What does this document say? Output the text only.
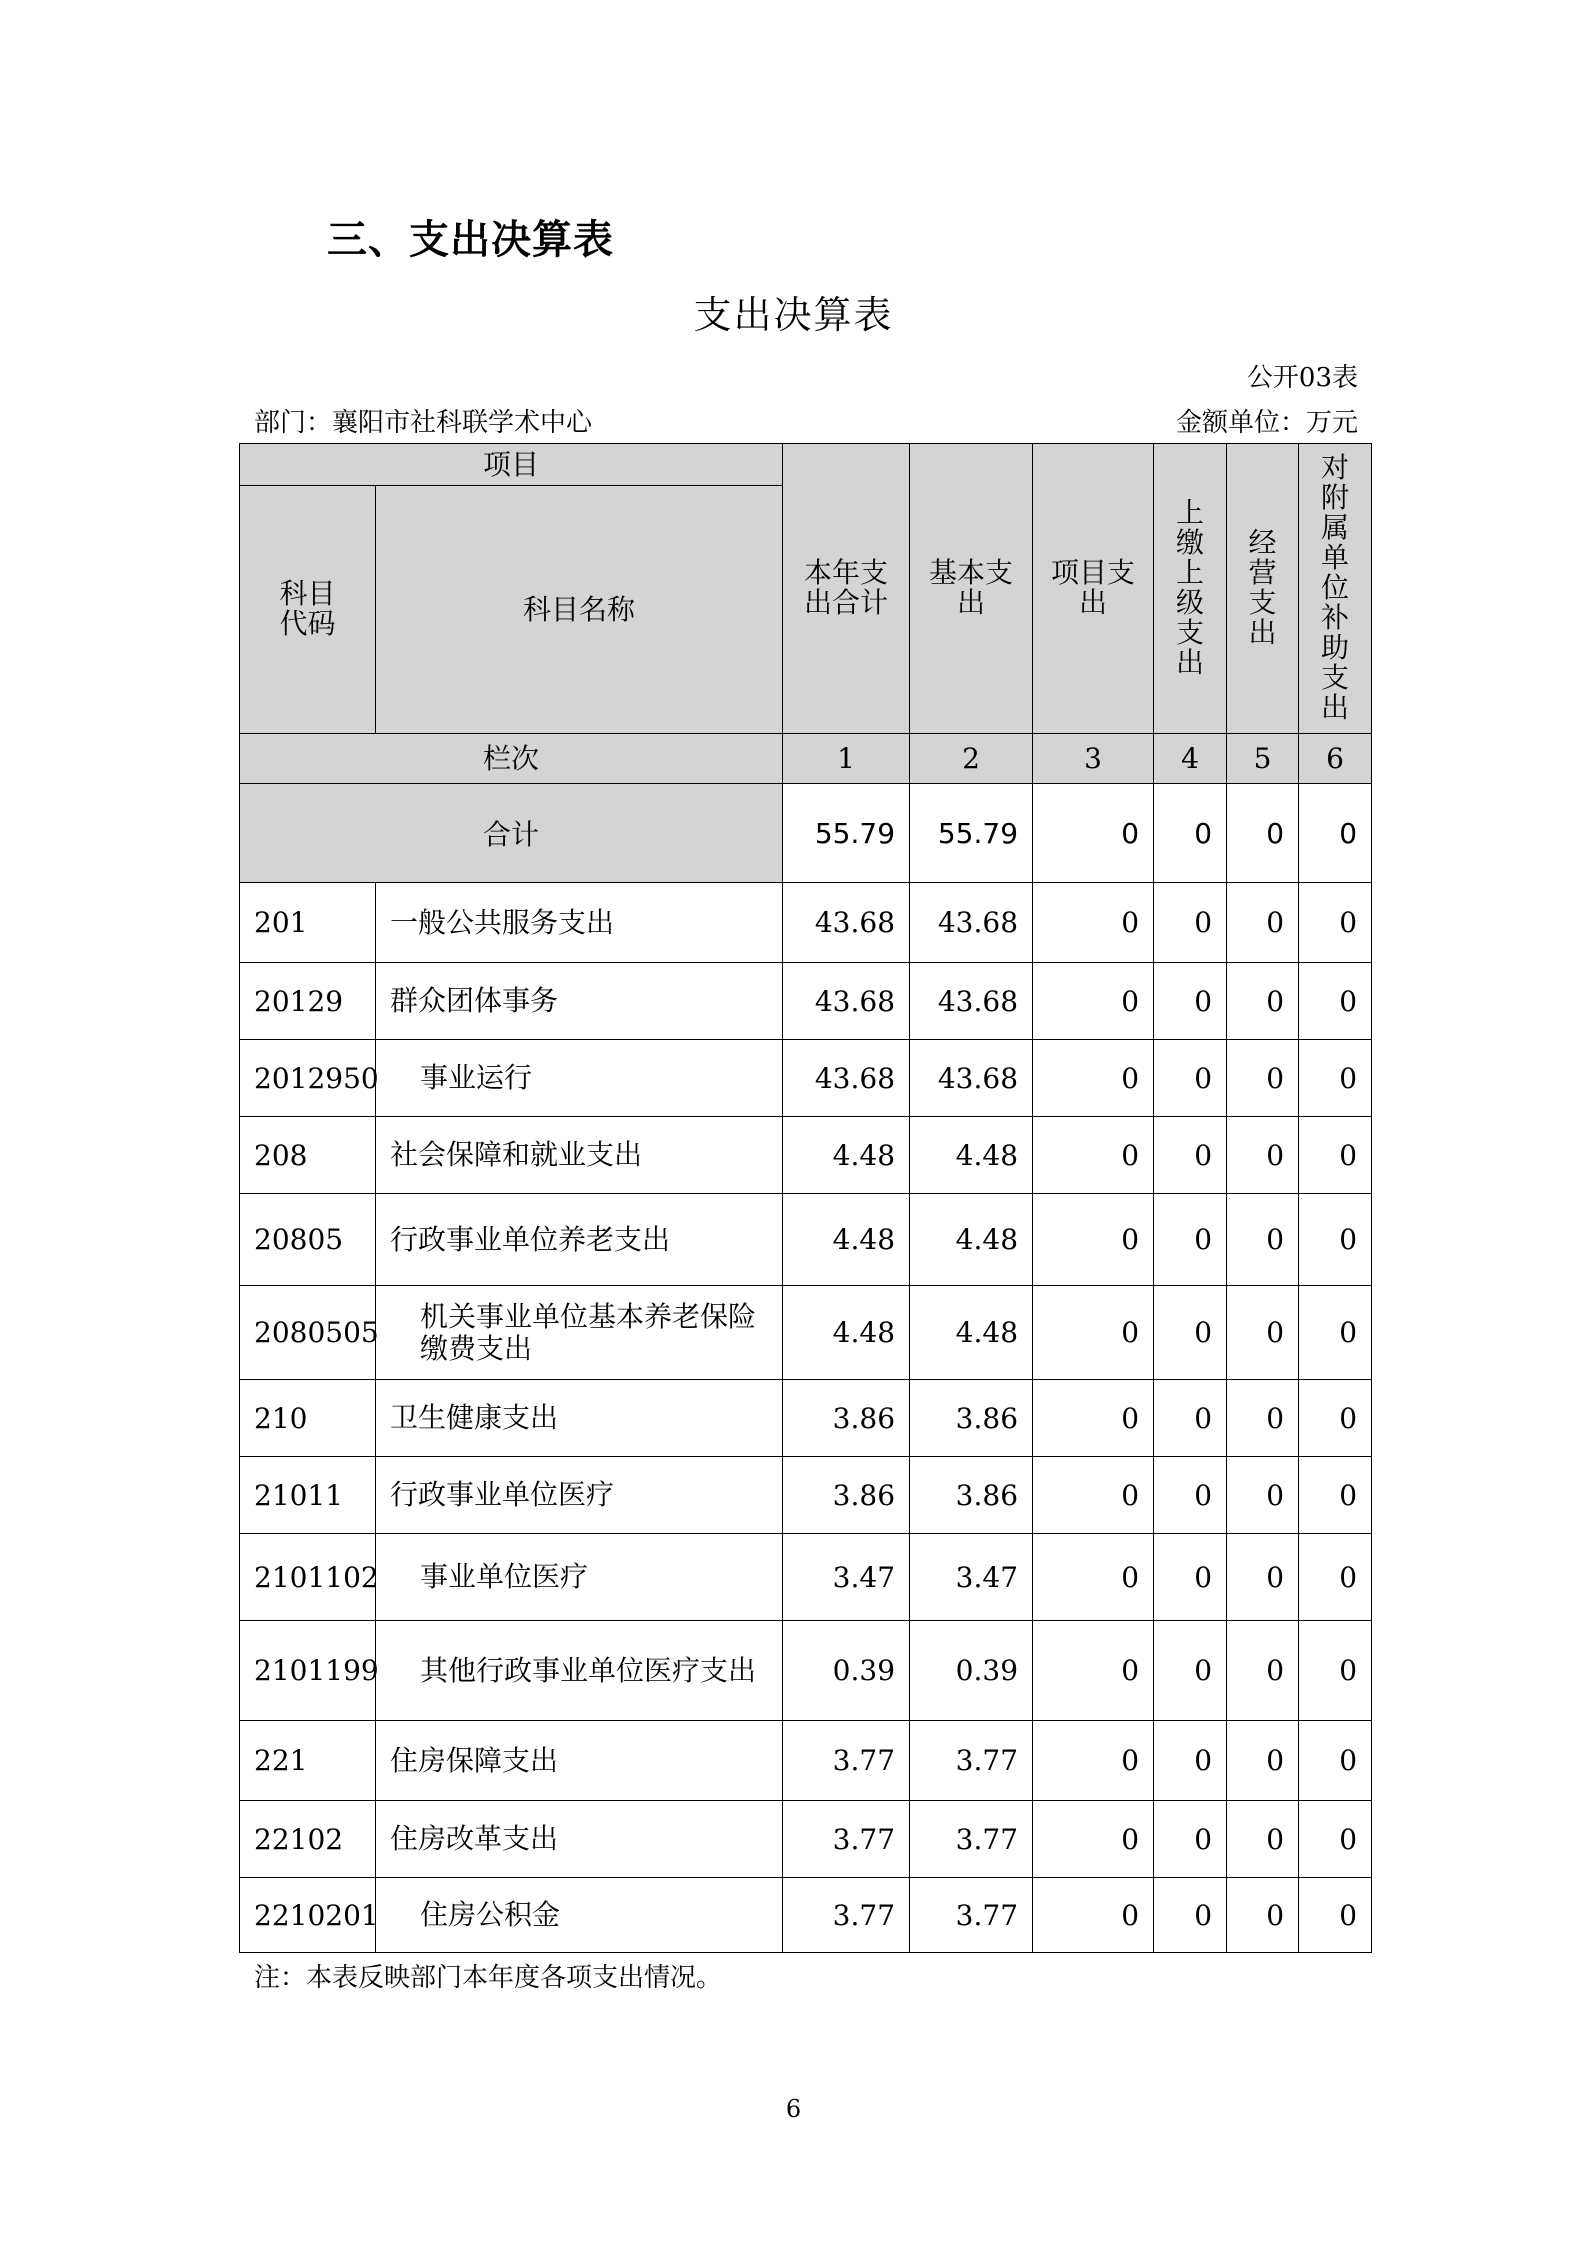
三、支出决算表
支出决算表
公开03表
部门：襄阳市社科联学术中心	金额单位：万元
项目		本年支出合计	基本支出	项目支出	上缴上级支出	经营支出	对附属单位补助支出
科目代码	科目名称						
栏次		1	2	3	4	5	6
合计		55.79	55.79	0	0	0	0
201	一般公共服务支出	43.68	43.68	0	0	0	0
20129	群众团体事务	43.68	43.68	0	0	0	0
2012950	事业运行	43.68	43.68	0	0	0	0
208	社会保障和就业支出	4.48	4.48	0	0	0	0
20805	行政事业单位养老支出	4.48	4.48	0	0	0	0
2080505	机关事业单位基本养老保险缴费支出	4.48	4.48	0	0	0	0
210	卫生健康支出	3.86	3.86	0	0	0	0
21011	行政事业单位医疗	3.86	3.86	0	0	0	0
2101102	事业单位医疗	3.47	3.47	0	0	0	0
2101199	其他行政事业单位医疗支出	0.39	0.39	0	0	0	0
221	住房保障支出	3.77	3.77	0	0	0	0
22102	住房改革支出	3.77	3.77	0	0	0	0
2210201	住房公积金	3.77	3.77	0	0	0	0
注：本表反映部门本年度各项支出情况。
6
